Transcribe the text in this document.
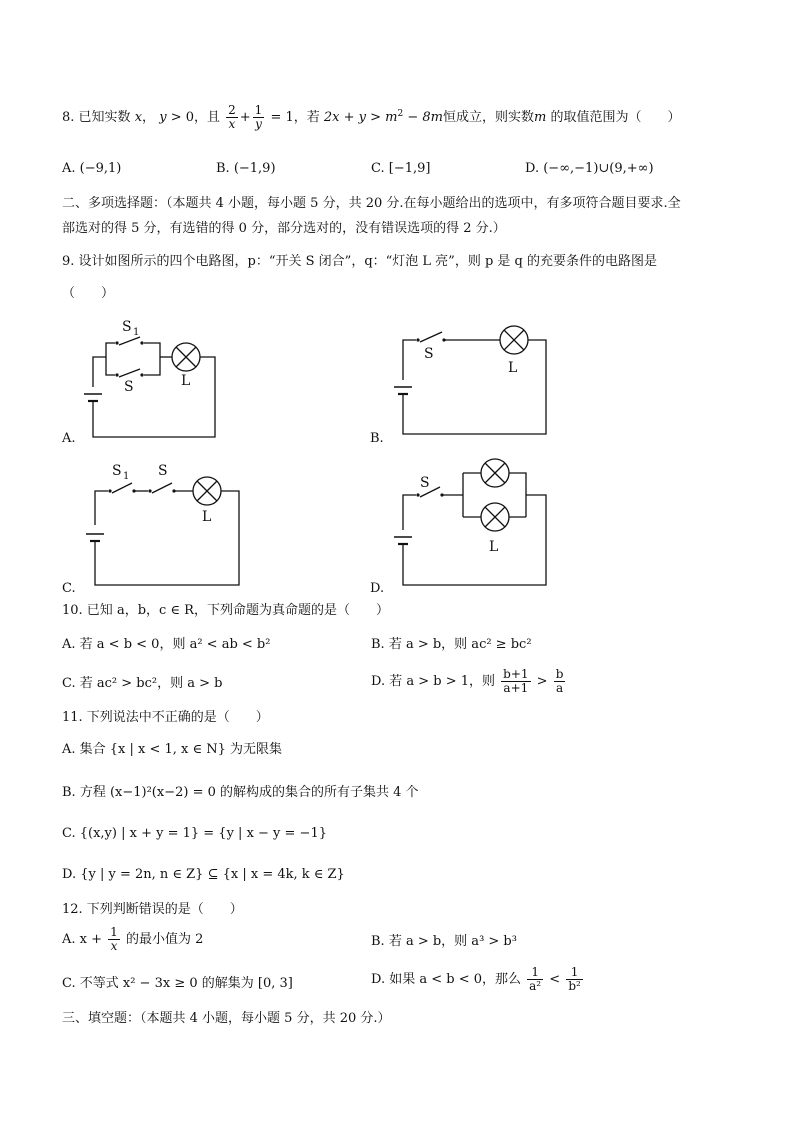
8. 已知实数 x， y > 0，且 $\frac{2}{x} + \frac{1}{y} = 1$，若 $2x + y > m^2 - 8m$恒成立，则实数m 的取值范围为（　　）
A. (−9,1)	B. (−1,9)	C. [−1,9]	D. (−∞,−1)∪(9,+∞)
二、多项选择题：（本题共 4 小题，每小题 5 分，共 20 分.在每小题给出的选项中，有多项符合题目要求.全
部选对的得 5 分，有选错的得 0 分，部分选对的，没有错误选项的得 2 分.）
9. 设计如图所示的四个电路图，p：“开关 S 闭合”，q：“灯泡 L 亮”，则 p 是 q 的充要条件的电路图是
（　　）
S 1
S	L
A.
S
L
B.
S 1 S
L
C.
S
L
D.
10. 已知 a，b，c ∈ R，下列命题为真命题的是（　　）
A. 若 a < b < 0，则 a² < ab < b²	B. 若 a > b，则 ac² ≥ bc²
C. 若 ac² > bc²，则 a > b	D. 若 a > b > 1，则 $\frac{b+1}{a+1} > \frac{b}{a}$
11. 下列说法中不正确的是（　　）
A. 集合 {x | x < 1, x ∈ N} 为无限集
B. 方程 (x−1)²(x−2) = 0 的解构成的集合的所有子集共 4 个
C. {(x,y) | x + y = 1} = {y | x − y = −1}
D. {y | y = 2n, n ∈ Z} ⊆ {x | x = 4k, k ∈ Z}
12. 下列判断错误的是（　　）
A. $x + \frac{1}{x}$ 的最小值为 2	B. 若 a > b，则 a³ > b³
C. 不等式 x² − 3x ≥ 0 的解集为 [0, 3]	D. 如果 a < b < 0，那么 $\frac{1}{\text{a²}} < \frac{1}{\text{b²}}$
三、填空题：（本题共 4 小题，每小题 5 分，共 20 分.）
